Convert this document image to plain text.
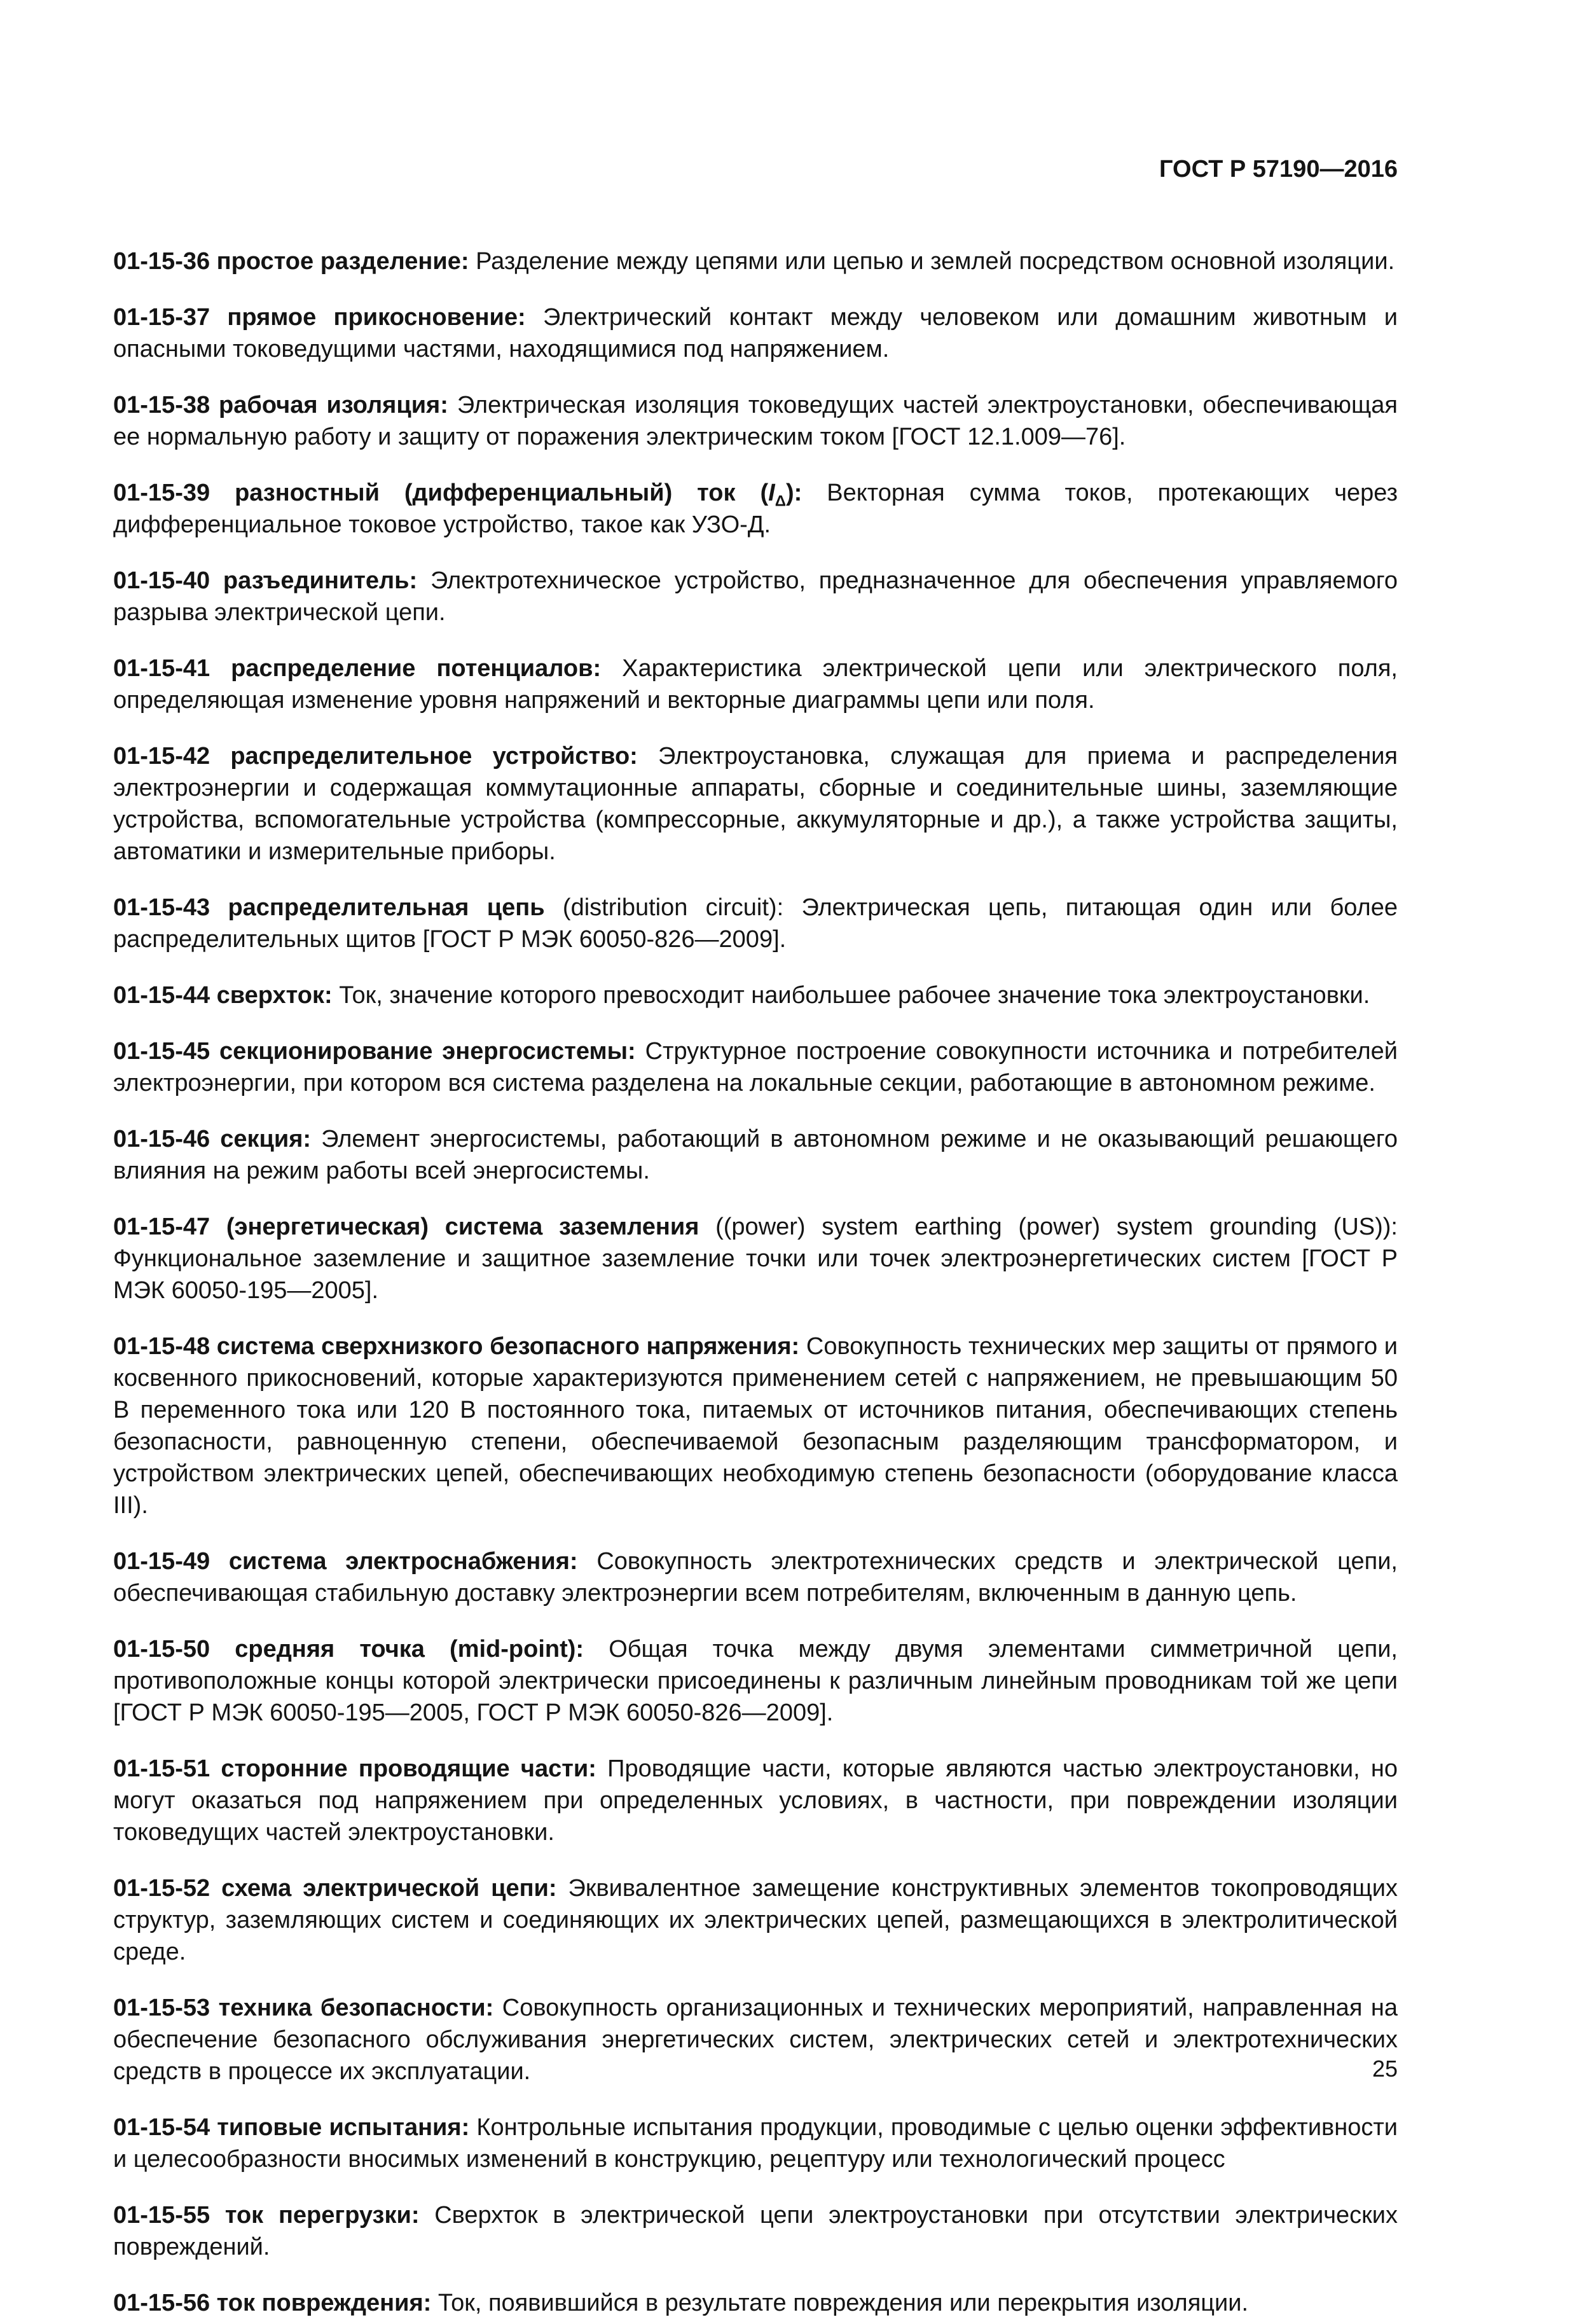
ГОСТ Р 57190—2016

01-15-36 простое разделение: Разделение между цепями или цепью и землей посредством основной изоляции.

01-15-37 прямое прикосновение: Электрический контакт между человеком или домашним животным и опасными токоведущими частями, находящимися под напряжением.

01-15-38 рабочая изоляция: Электрическая изоляция токоведущих частей электроустановки, обеспечивающая ее нормальную работу и защиту от поражения электрическим током [ГОСТ 12.1.009—76].

01-15-39 разностный (дифференциальный) ток $(I_\Delta)$: Векторная сумма токов, протекающих через дифференциальное токовое устройство, такое как УЗО-Д.

01-15-40 разъединитель: Электротехническое устройство, предназначенное для обеспечения управляемого разрыва электрической цепи.

01-15-41 распределение потенциалов: Характеристика электрической цепи или электрического поля, определяющая изменение уровня напряжений и векторные диаграммы цепи или поля.

01-15-42 распределительное устройство: Электроустановка, служащая для приема и распределения электроэнергии и содержащая коммутационные аппараты, сборные и соединительные шины, заземляющие устройства, вспомогательные устройства (компрессорные, аккумуляторные и др.), а также устройства защиты, автоматики и измерительные приборы.

01-15-43 распределительная цепь (distribution circuit): Электрическая цепь, питающая один или более распределительных щитов [ГОСТ Р МЭК 60050-826—2009].

01-15-44 сверхток: Ток, значение которого превосходит наибольшее рабочее значение тока электроустановки.

01-15-45 секционирование энергосистемы: Структурное построение совокупности источника и потребителей электроэнергии, при котором вся система разделена на локальные секции, работающие в автономном режиме.

01-15-46 секция: Элемент энергосистемы, работающий в автономном режиме и не оказывающий решающего влияния на режим работы всей энергосистемы.

01-15-47 (энергетическая) система заземления ((power) system earthing (power) system grounding (US)): Функциональное заземление и защитное заземление точки или точек электроэнергетических систем [ГОСТ Р МЭК 60050-195—2005].

01-15-48 система сверхнизкого безопасного напряжения: Совокупность технических мер защиты от прямого и косвенного прикосновений, которые характеризуются применением сетей с напряжением, не превышающим 50 В переменного тока или 120 В постоянного тока, питаемых от источников питания, обеспечивающих степень безопасности, равноценную степени, обеспечиваемой безопасным разделяющим трансформатором, и устройством электрических цепей, обеспечивающих необходимую степень безопасности (оборудование класса III).

01-15-49 система электроснабжения: Совокупность электротехнических средств и электрической цепи, обеспечивающая стабильную доставку электроэнергии всем потребителям, включенным в данную цепь.

01-15-50 средняя точка (mid-point): Общая точка между двумя элементами симметричной цепи, противоположные концы которой электрически присоединены к различным линейным проводникам той же цепи [ГОСТ Р МЭК 60050-195—2005, ГОСТ Р МЭК 60050-826—2009].

01-15-51 сторонние проводящие части: Проводящие части, которые являются частью электроустановки, но могут оказаться под напряжением при определенных условиях, в частности, при повреждении изоляции токоведущих частей электроустановки.

01-15-52 схема электрической цепи: Эквивалентное замещение конструктивных элементов токопроводящих структур, заземляющих систем и соединяющих их электрических цепей, размещающихся в электролитической среде.

01-15-53 техника безопасности: Совокупность организационных и технических мероприятий, направленная на обеспечение безопасного обслуживания энергетических систем, электрических сетей и электротехнических средств в процессе их эксплуатации.

01-15-54 типовые испытания: Контрольные испытания продукции, проводимые с целью оценки эффективности и целесообразности вносимых изменений в конструкцию, рецептуру или технологический процесс

01-15-55 ток перегрузки: Сверхток в электрической цепи электроустановки при отсутствии электрических повреждений.

01-15-56 ток повреждения: Ток, появившийся в результате повреждения или перекрытия изоляции.

25
